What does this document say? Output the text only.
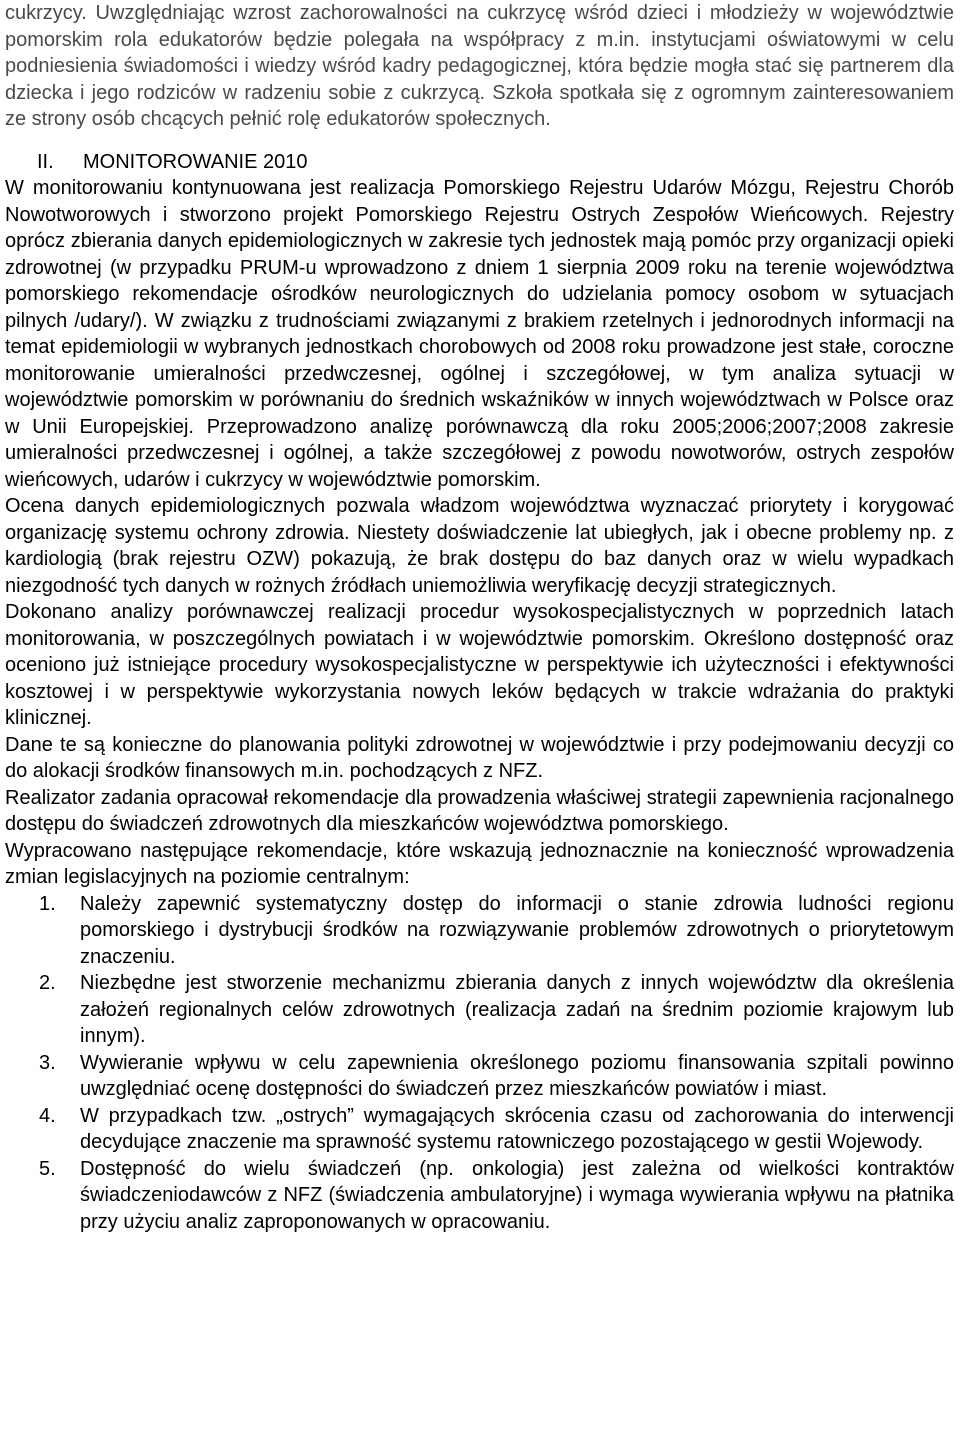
cukrzycy. Uwzględniając wzrost zachorowalności na cukrzycę wśród dzieci i młodzieży w województwie pomorskim rola edukatorów będzie polegała na współpracy z m.in. instytucjami oświatowymi w celu podniesienia świadomości i wiedzy wśród kadry pedagogicznej, która będzie mogła stać się partnerem dla dziecka i jego rodziców w radzeniu sobie z cukrzycą. Szkoła spotkała się z ogromnym zainteresowaniem ze strony osób chcących pełnić rolę edukatorów społecznych.

II. MONITOROWANIE 2010

W monitorowaniu kontynuowana jest realizacja Pomorskiego Rejestru Udarów Mózgu, Rejestru Chorób Nowotworowych i stworzono projekt Pomorskiego Rejestru Ostrych Zespołów Wieńcowych. Rejestry oprócz zbierania danych epidemiologicznych w zakresie tych jednostek mają pomóc przy organizacji opieki zdrowotnej (w przypadku PRUM-u wprowadzono z dniem 1 sierpnia 2009 roku na terenie województwa pomorskiego rekomendacje ośrodków neurologicznych do udzielania pomocy osobom w sytuacjach pilnych /udary/). W związku z trudnościami związanymi z brakiem rzetelnych i jednorodnych informacji na temat epidemiologii w wybranych jednostkach chorobowych od 2008 roku prowadzone jest stałe, coroczne monitorowanie umieralności przedwczesnej, ogólnej i szczegółowej, w tym analiza sytuacji w województwie pomorskim w porównaniu do średnich wskaźników w innych województwach w Polsce oraz w Unii Europejskiej. Przeprowadzono analizę porównawczą dla roku 2005;2006;2007;2008 zakresie umieralności przedwczesnej i ogólnej, a także szczegółowej z powodu nowotworów, ostrych zespołów wieńcowych, udarów i cukrzycy w województwie pomorskim.

Ocena danych epidemiologicznych pozwala władzom województwa wyznaczać priorytety i korygować organizację systemu ochrony zdrowia. Niestety doświadczenie lat ubiegłych, jak i obecne problemy np. z kardiologią (brak rejestru OZW) pokazują, że brak dostępu do baz danych oraz w wielu wypadkach niezgodność tych danych w rożnych źródłach uniemożliwia weryfikację decyzji strategicznych.

Dokonano analizy porównawczej realizacji procedur wysokospecjalistycznych w poprzednich latach monitorowania, w poszczególnych powiatach i w województwie pomorskim. Określono dostępność oraz oceniono już istniejące procedury wysokospecjalistyczne w perspektywie ich użyteczności i efektywności kosztowej i w perspektywie wykorzystania nowych leków będących w trakcie wdrażania do praktyki klinicznej.

Dane te są konieczne do planowania polityki zdrowotnej w województwie i przy podejmowaniu decyzji co do alokacji środków finansowych m.in. pochodzących z NFZ.

Realizator zadania opracował rekomendacje dla prowadzenia właściwej strategii zapewnienia racjonalnego dostępu do świadczeń zdrowotnych dla mieszkańców województwa pomorskiego.

Wypracowano następujące rekomendacje, które wskazują jednoznacznie na konieczność wprowadzenia zmian legislacyjnych na poziomie centralnym:

1.	Należy zapewnić systematyczny dostęp do informacji o stanie zdrowia ludności regionu pomorskiego i dystrybucji środków na rozwiązywanie problemów zdrowotnych o priorytetowym znaczeniu.
2.	Niezbędne jest stworzenie mechanizmu zbierania danych z innych województw dla określenia założeń regionalnych celów zdrowotnych (realizacja zadań na średnim poziomie krajowym lub innym).
3.	Wywieranie wpływu w celu zapewnienia określonego poziomu finansowania szpitali powinno uwzględniać ocenę dostępności do świadczeń przez mieszkańców powiatów i miast.
4.	W przypadkach tzw. „ostrych” wymagających skrócenia czasu od zachorowania do interwencji decydujące znaczenie ma sprawność systemu ratowniczego pozostającego w gestii Wojewody.
5.	Dostępność do wielu świadczeń (np. onkologia) jest zależna od wielkości kontraktów świadczeniodawców z NFZ (świadczenia ambulatoryjne) i wymaga wywierania wpływu na płatnika przy użyciu analiz zaproponowanych w opracowaniu.
